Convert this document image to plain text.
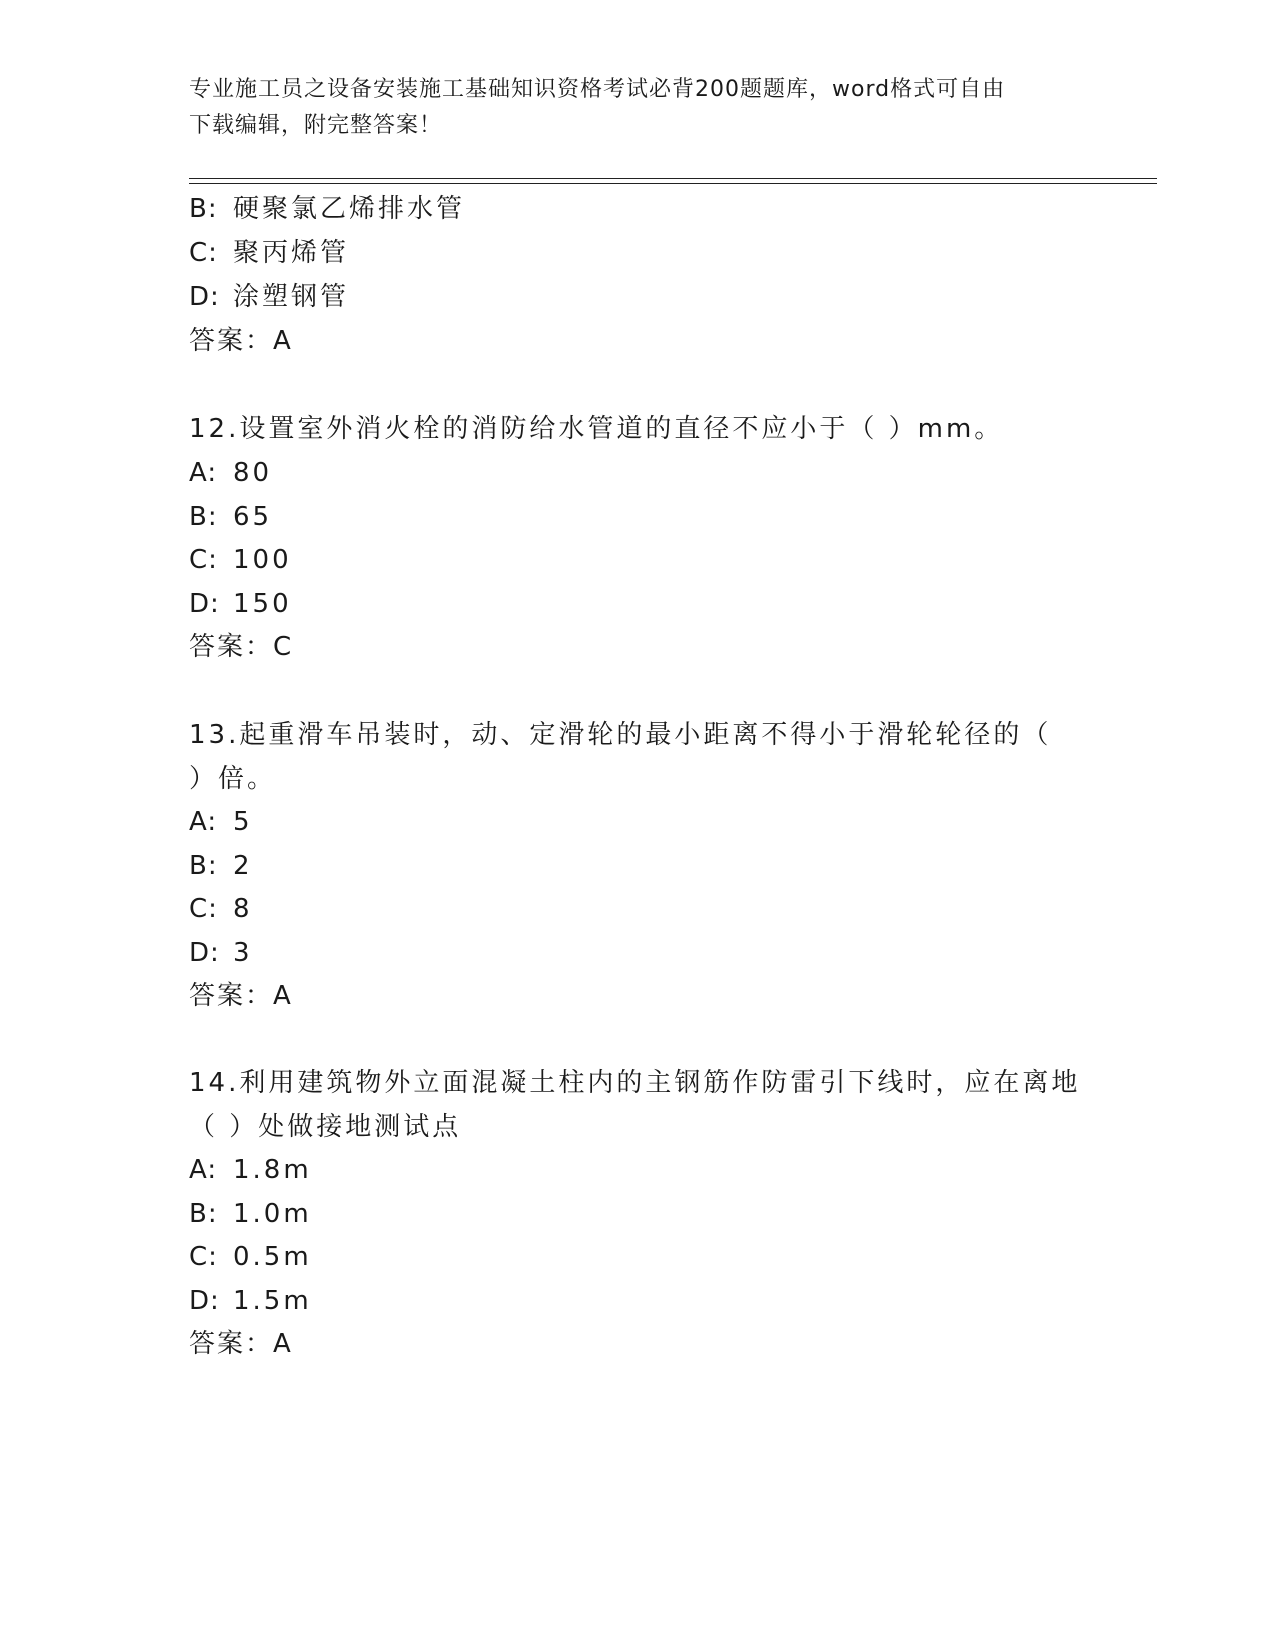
专业施工员之设备安装施工基础知识资格考试必背200题题库，word格式可自由
下载编辑，附完整答案！
B: 硬聚氯乙烯排水管
C: 聚丙烯管
D: 涂塑钢管
答案：A
12.设置室外消火栓的消防给水管道的直径不应小于（ ）mm。
A: 80
B: 65
C: 100
D: 150
答案：C
13.起重滑车吊装时，动、定滑轮的最小距离不得小于滑轮轮径的（
）倍。
A: 5
B: 2
C: 8
D: 3
答案：A
14.利用建筑物外立面混凝土柱内的主钢筋作防雷引下线时，应在离地
（ ）处做接地测试点
A: 1.8m
B: 1.0m
C: 0.5m
D: 1.5m
答案：A
